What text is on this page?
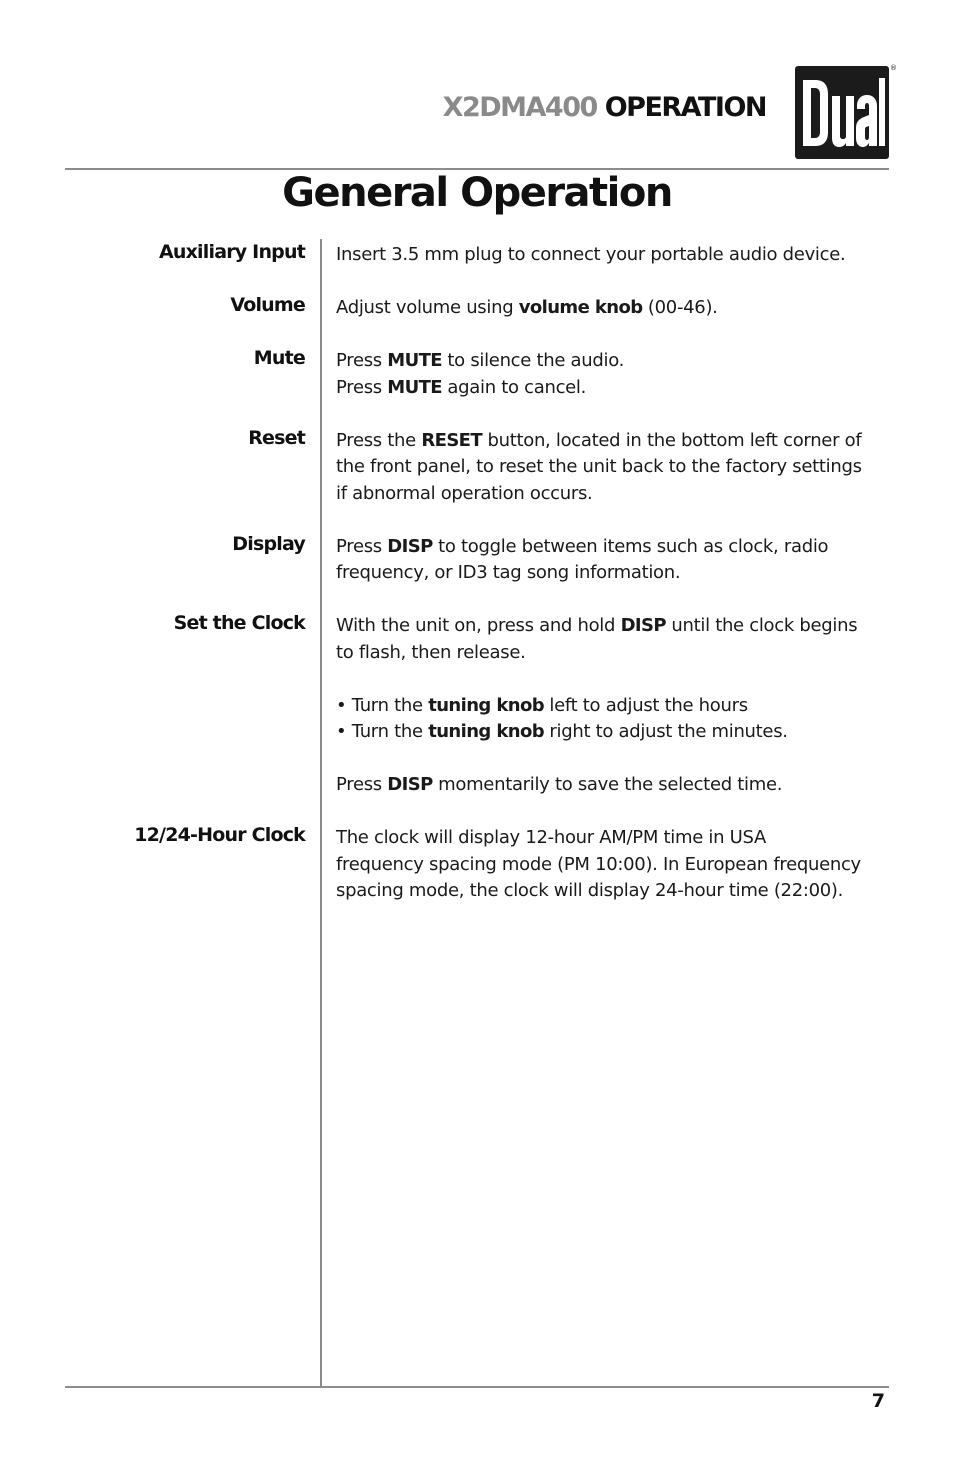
X2DMA400 OPERATION
®
General Operation
Auxiliary Input Insert 3.5 mm plug to connect your portable audio device.
Volume Adjust volume using volume knob (00-46).
Mute Press MUTE to silence the audio.
Press MUTE again to cancel.
Reset Press the RESET button, located in the bottom left corner of
the front panel, to reset the unit back to the factory settings
if abnormal operation occurs.
Display Press DISP to toggle between items such as clock, radio
frequency, or ID3 tag song information.
Set the Clock With the unit on, press and hold DISP until the clock begins
to flash, then release.
• Turn the tuning knob left to adjust the hours
• Turn the tuning knob right to adjust the minutes.
Press DISP momentarily to save the selected time.
12/24-Hour Clock The clock will display 12-hour AM/PM time in USA
frequency spacing mode (PM 10:00). In European frequency
spacing mode, the clock will display 24-hour time (22:00).
7
